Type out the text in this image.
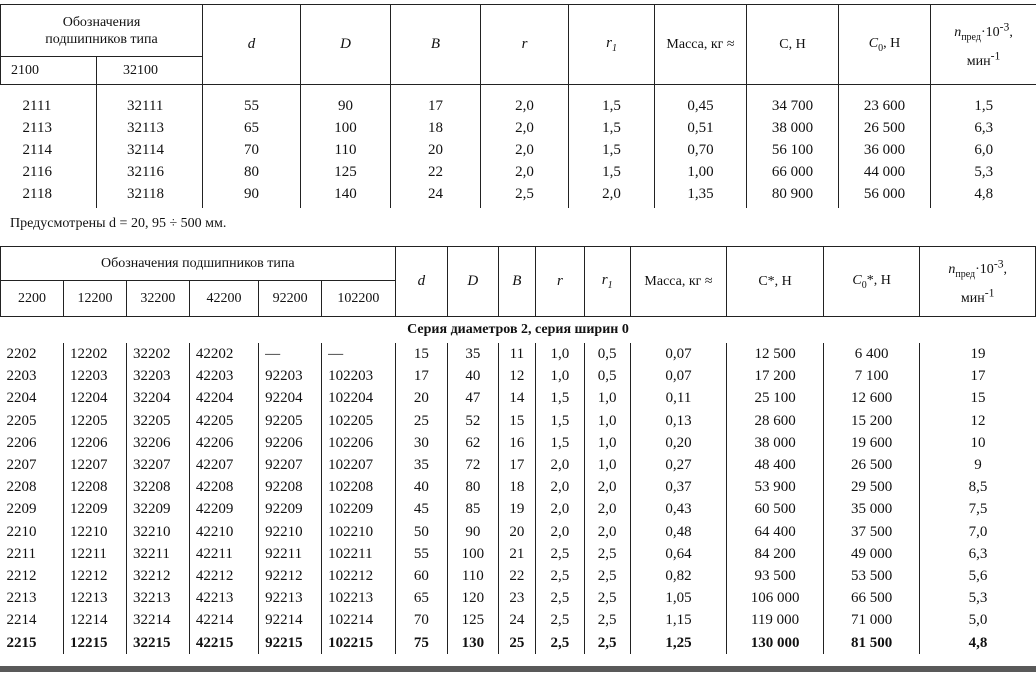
Обозначения подшипников типа		d	D	B	r	$r_1$	Масса, кг ≈	C, Н	$C_0$, Н	$n_{пред}\cdot 10^{-3}$,
мин$^{-1}$
2100	32100									

2111	32111	55	90	17	2,0	1,5	0,45	34 700	23 600	1,5
2113	32113	65	100	18	2,0	1,5	0,51	38 000	26 500	6,3
2114	32114	70	110	20	2,0	1,5	0,70	56 100	36 000	6,0
2116	32116	80	125	22	2,0	1,5	1,00	66 000	44 000	5,3
2118	32118	90	140	24	2,5	2,0	1,35	80 900	56 000	4,8
Предусмотрены d = 20, 95 ÷ 500 мм.
Обозначения подшипников типа						d	D	B	r	$r_1$	Масса, кг ≈	C*, Н	$C_0*$, Н	$n_{пред}\cdot 10^{-3}$,
мин$^{-1}$
2200	12200	32200	42200	92200	102200									
Серия диаметров 2, серия ширин 0														
2202	12202	32202	42202	—	—	15	35	11	1,0	0,5	0,07	12 500	6 400	19
2203	12203	32203	42203	92203	102203	17	40	12	1,0	0,5	0,07	17 200	7 100	17
2204	12204	32204	42204	92204	102204	20	47	14	1,5	1,0	0,11	25 100	12 600	15
2205	12205	32205	42205	92205	102205	25	52	15	1,5	1,0	0,13	28 600	15 200	12
2206	12206	32206	42206	92206	102206	30	62	16	1,5	1,0	0,20	38 000	19 600	10
2207	12207	32207	42207	92207	102207	35	72	17	2,0	1,0	0,27	48 400	26 500	9
2208	12208	32208	42208	92208	102208	40	80	18	2,0	2,0	0,37	53 900	29 500	8,5
2209	12209	32209	42209	92209	102209	45	85	19	2,0	2,0	0,43	60 500	35 000	7,5
2210	12210	32210	42210	92210	102210	50	90	20	2,0	2,0	0,48	64 400	37 500	7,0
2211	12211	32211	42211	92211	102211	55	100	21	2,5	2,5	0,64	84 200	49 000	6,3
2212	12212	32212	42212	92212	102212	60	110	22	2,5	2,5	0,82	93 500	53 500	5,6
2213	12213	32213	42213	92213	102213	65	120	23	2,5	2,5	1,05	106 000	66 500	5,3
2214	12214	32214	42214	92214	102214	70	125	24	2,5	2,5	1,15	119 000	71 000	5,0
2215	12215	32215	42215	92215	102215	75	130	25	2,5	2,5	1,25	130 000	81 500	4,8
